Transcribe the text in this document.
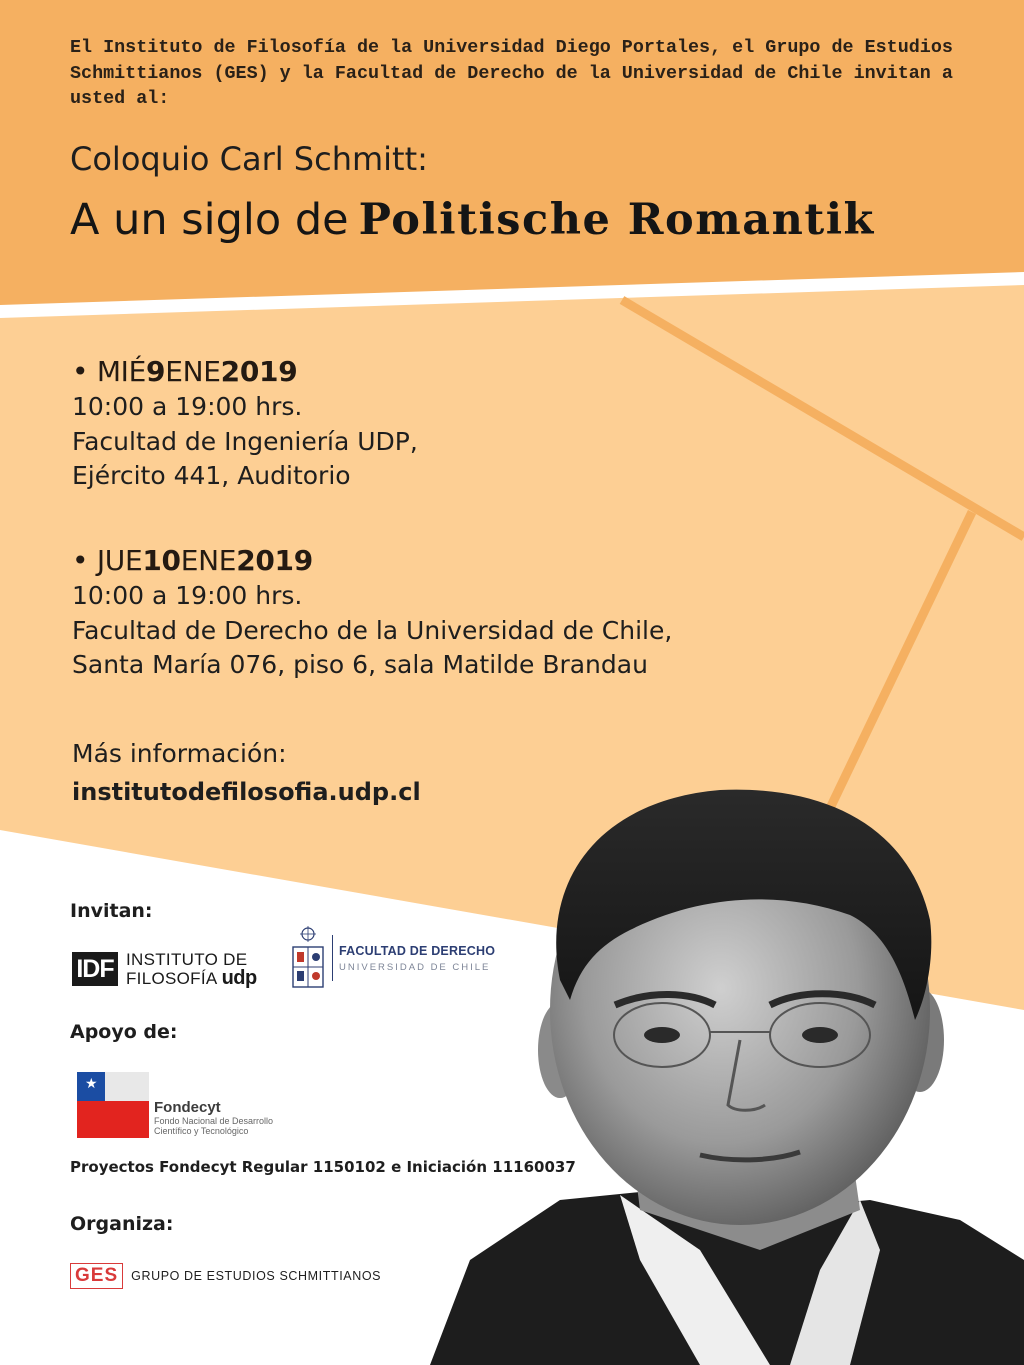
El Instituto de Filosofía de la Universidad Diego Portales, el Grupo de Estudios Schmittianos (GES) y la Facultad de Derecho de la Universidad de Chile invitan a usted al:
Coloquio Carl Schmitt:
A un siglo de Politische Romantik
• MIÉ9ENE2019
10:00 a 19:00 hrs.
Facultad de Ingeniería UDP,
Ejército 441, Auditorio
• JUE10ENE2019
10:00 a 19:00 hrs.
Facultad de Derecho de la Universidad de Chile,
Santa María 076, piso 6, sala Matilde Brandau
Más información:
institutodefilosofia.udp.cl
Invitan:
IDF INSTITUTO DE
FILOSOFÍA udp
FACULTAD DE DERECHO
UNIVERSIDAD DE CHILE
Apoyo de:
★
Fondecyt
Fondo Nacional de Desarrollo
Científico y Tecnológico
Proyectos Fondecyt Regular 1150102 e Iniciación 11160037
Organiza:
GES	GRUPO DE ESTUDIOS SCHMITTIANOS
